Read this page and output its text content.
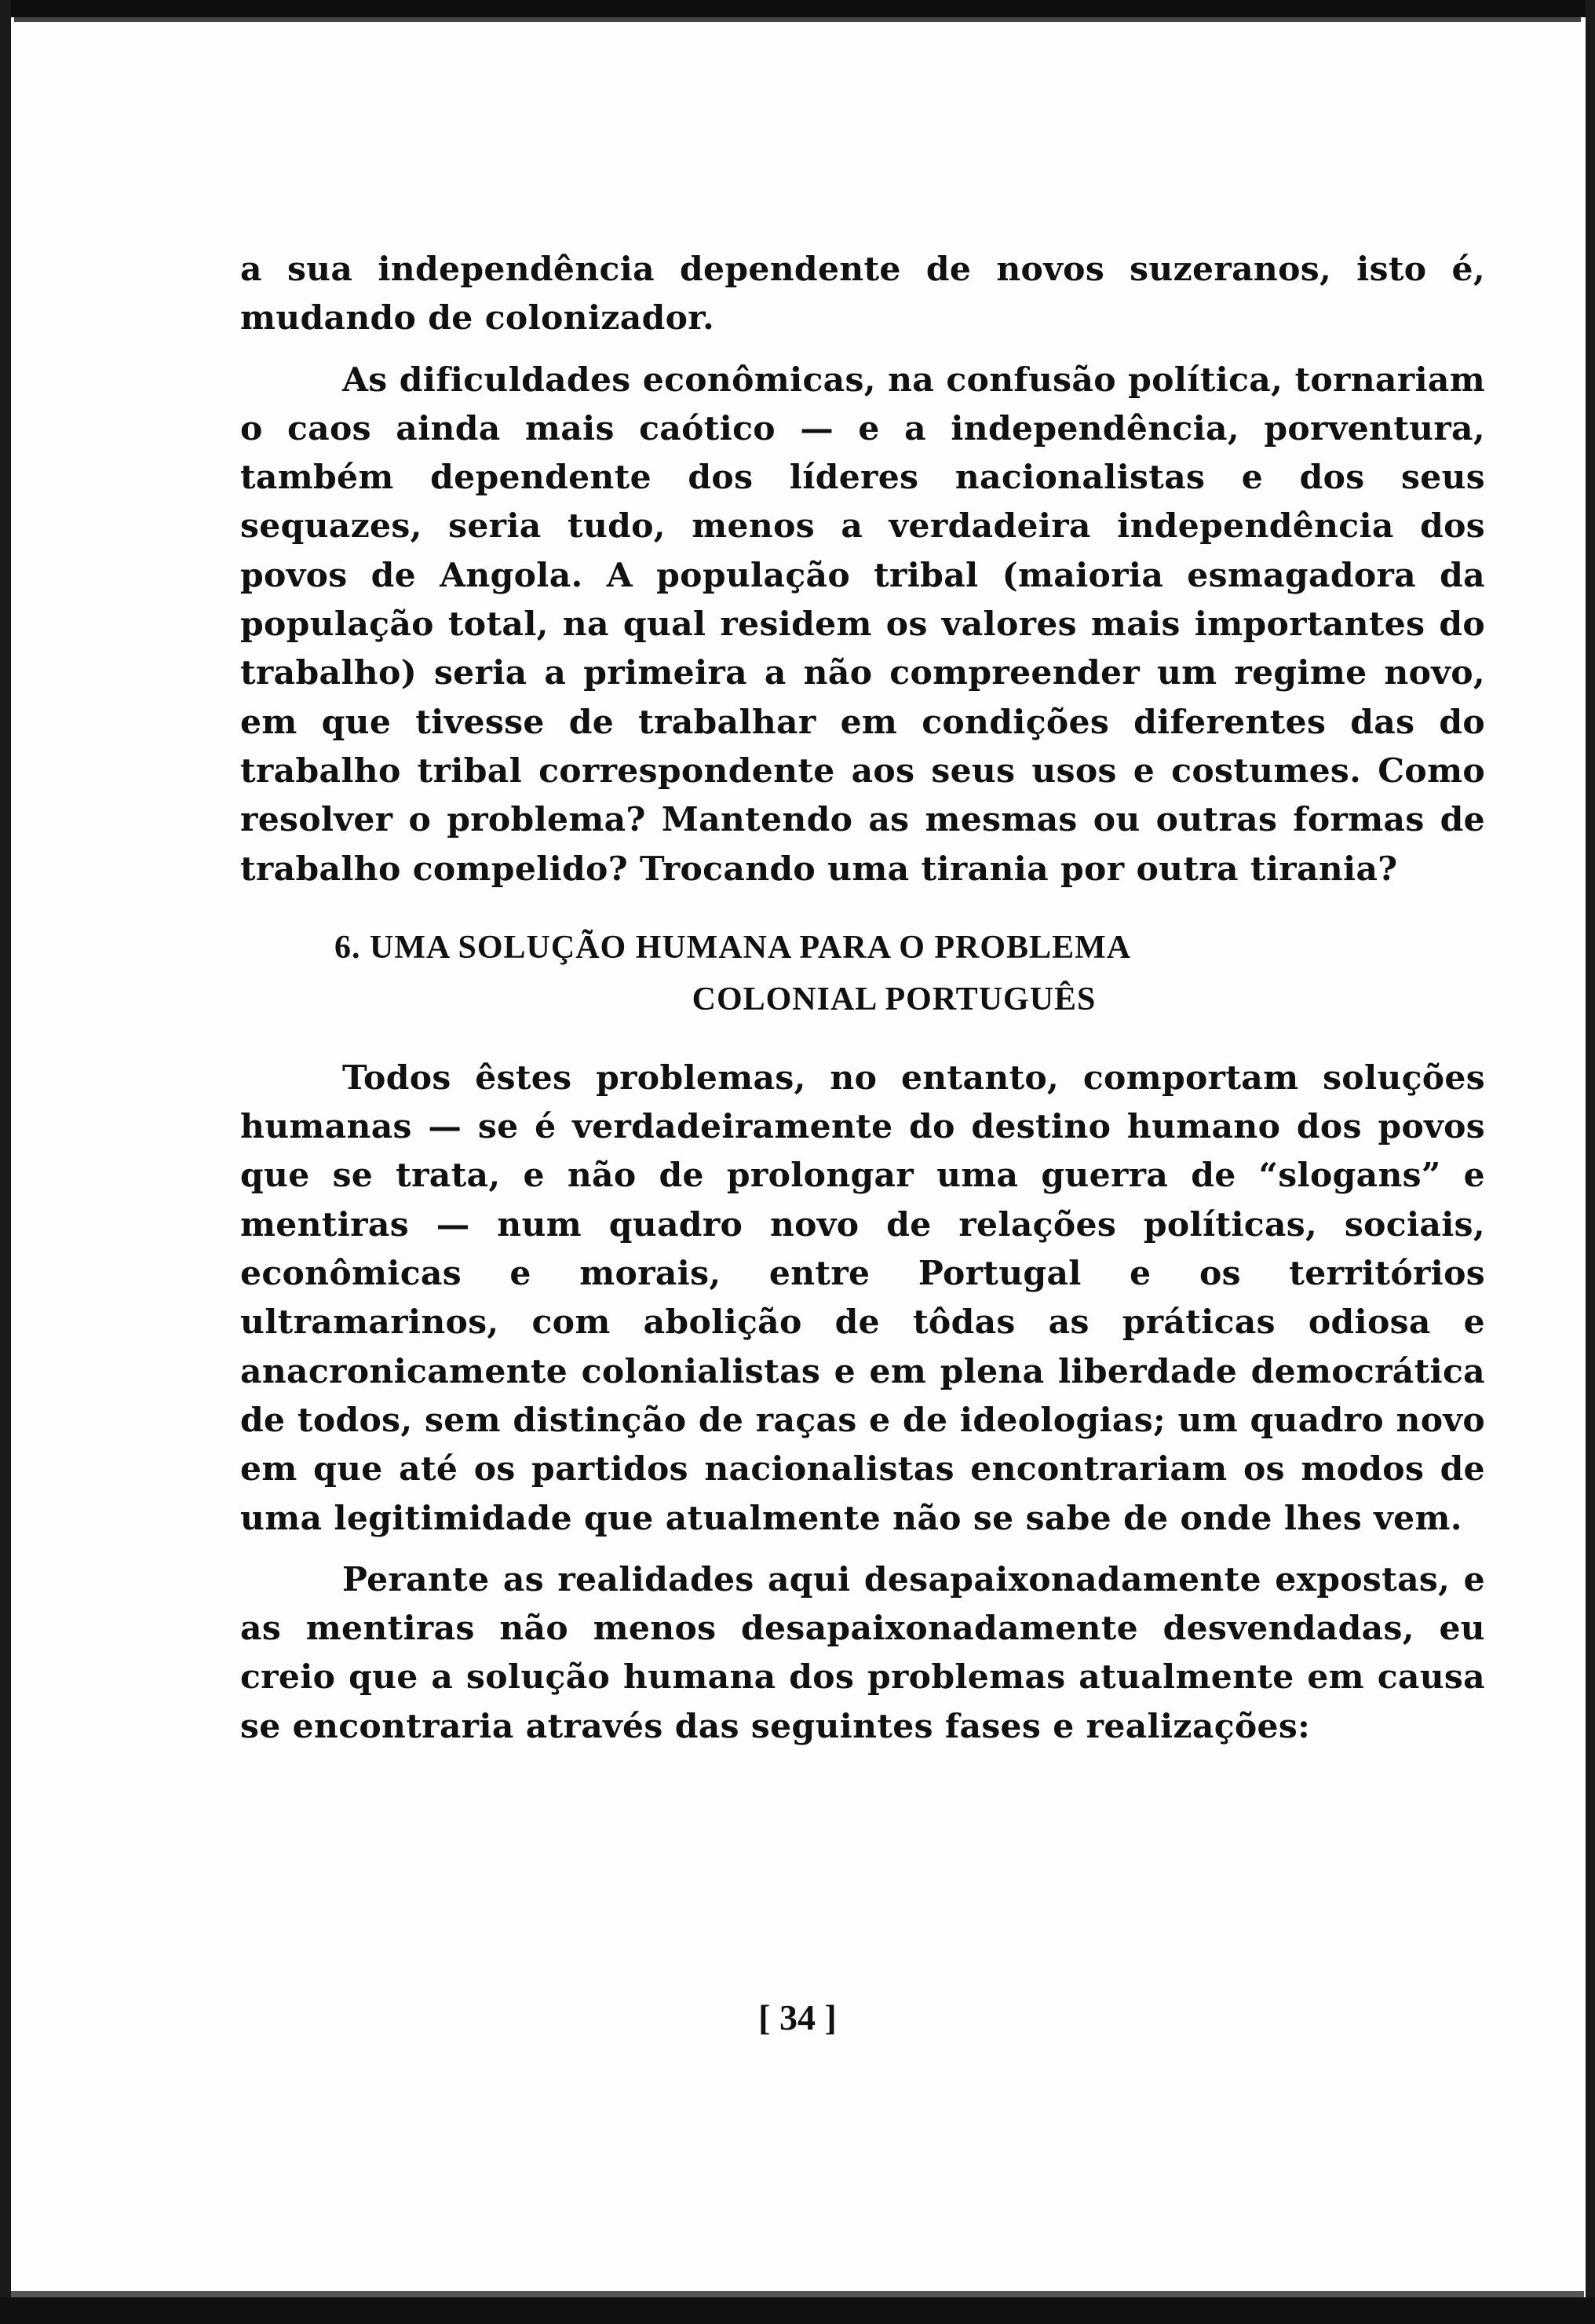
a sua independência dependente de novos suzeranos, isto é, mudando de colonizador.

As dificuldades econômicas, na confusão política, tornariam o caos ainda mais caótico — e a independência, porventura, também dependente dos líderes nacionalistas e dos seus sequazes, seria tudo, menos a verdadeira independência dos povos de Angola. A população tribal (maioria esmagadora da população total, na qual residem os valores mais importantes do trabalho) seria a primeira a não compreender um regime novo, em que tivesse de trabalhar em condições diferentes das do trabalho tribal correspondente aos seus usos e costumes. Como resolver o problema? Mantendo as mesmas ou outras formas de trabalho compelido? Trocando uma tirania por outra tirania?

6. UMA SOLUÇÃO HUMANA PARA O PROBLEMA
COLONIAL PORTUGUÊS

Todos êstes problemas, no entanto, comportam soluções humanas — se é verdadeiramente do destino humano dos povos que se trata, e não de prolongar uma guerra de “slogans” e mentiras — num quadro novo de relações políticas, sociais, econômicas e morais, entre Portugal e os territórios ultramarinos, com abolição de tôdas as práticas odiosa e anacronicamente colonialistas e em plena liberdade democrática de todos, sem distinção de raças e de ideologias; um quadro novo em que até os partidos nacionalistas encontrariam os modos de uma legitimidade que atualmente não se sabe de onde lhes vem.

Perante as realidades aqui desapaixonadamente expostas, e as mentiras não menos desapaixonadamente desvendadas, eu creio que a solução humana dos problemas atualmente em causa se encontraria através das seguintes fases e realizações:

[ 34 ]
